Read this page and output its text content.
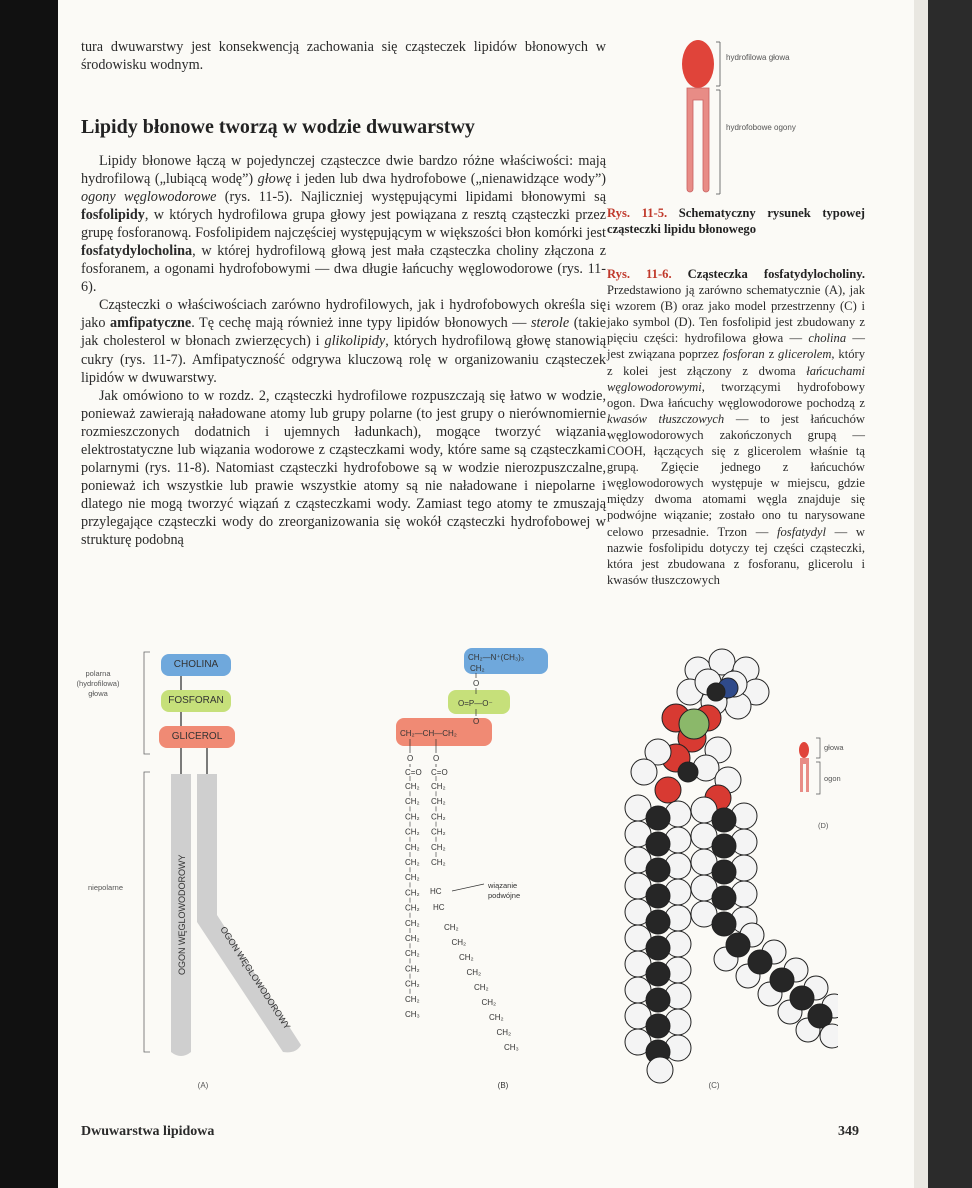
tura dwuwarstwy jest konsekwencją zachowania się cząsteczek lipidów błonowych w środowisku wodnym.

Lipidy błonowe tworzą w wodzie dwuwarstwy

Lipidy błonowe łączą w pojedynczej cząsteczce dwie bardzo różne właściwości: mają hydrofilową („lubiącą wodę”) głowę i jeden lub dwa hydrofobowe („nienawidzące wody”) ogony węglowodorowe (rys. 11-5). Najliczniej występującymi lipidami błonowymi są fosfolipidy, w których hydrofilowa grupa głowy jest powiązana z resztą cząsteczki przez grupę fosforanową. Fosfolipidem najczęściej występującym w większości błon komórki jest fosfatydylocholina, w której hydrofilową głową jest mała cząsteczka choliny złączona z fosforanem, a ogonami hydrofobowymi — dwa długie łańcuchy węglowodorowe (rys. 11-6).

Cząsteczki o właściwościach zarówno hydrofilowych, jak i hydrofobowych określa się jako amfipatyczne. Tę cechę mają również inne typy lipidów błonowych — sterole (takie jak cholesterol w błonach zwierzęcych) i glikolipidy, których hydrofilową głowę stanowią cukry (rys. 11-7). Amfipatyczność odgrywa kluczową rolę w organizowaniu cząsteczek lipidów w dwuwarstwy.

Jak omówiono to w rozdz. 2, cząsteczki hydrofilowe rozpuszczają się łatwo w wodzie, ponieważ zawierają naładowane atomy lub grupy polarne (to jest grupy o nierównomiernie rozmieszczonych dodatnich i ujemnych ładunkach), mogące tworzyć wiązania elektrostatyczne lub wiązania wodorowe z cząsteczkami wody, które same są cząsteczkami polarnymi (rys. 11-8). Natomiast cząsteczki hydrofobowe są w wodzie nierozpuszczalne, ponieważ ich wszystkie lub prawie wszystkie atomy są nie naładowane i niepolarne i dlatego nie mogą tworzyć wiązań z cząsteczkami wody. Zamiast tego atomy te zmuszają przylegające cząsteczki wody do zreorganizowania się wokół cząsteczki hydrofobowej w strukturę podobną

hydrofilowa głowa
hydrofobowe ogony
Rys. 11-5. Schematyczny rysunek typowej cząsteczki lipidu błonowego
Rys. 11-6. Cząsteczka fosfatydylocholiny. Przedstawiono ją zarówno schematycznie (A), jak i wzorem (B) oraz jako model przestrzenny (C) i jako symbol (D). Ten fosfolipid jest zbudowany z pięciu części: hydrofilowa głowa — cholina — jest związana poprzez fosforan z glicerolem, który z kolei jest złączony z dwoma łańcuchami węglowodorowymi, tworzącymi hydrofobowy ogon. Dwa łańcuchy węglowodorowe pochodzą z kwasów tłuszczowych — to jest łańcuchów węglowodorowych zakończonych grupą —COOH, łączących się z glicerolem właśnie tą grupą. Zgięcie jednego z łańcuchów węglowodorowych występuje w miejscu, gdzie między dwoma atomami węgla znajduje się podwójne wiązanie; zostało ono tu narysowane celowo przesadnie. Trzon — fosfatydyl — w nazwie fosfolipidu dotyczy tej części cząsteczki, która jest zbudowana z fosforanu, glicerolu i kwasów tłuszczowych
OGON WĘGLOWODOROWY
OGON WĘGLOWODOROWY
polarna
(hydrofilowa)
głowa
niepolarne
(A)
CHOLINA
FOSFORAN
GLICEROL
CH₂—N⁺(CH₃)₃
CH₂
O
O=P—O⁻
O
CH₂—CH—CH₂
O O
C=O C=O
CH₂
CH₂
CH₂
CH₂
CH₂
CH₂
CH₂
CH₂
CH₂
CH₂
CH₂
CH₂
CH₂
CH₂
CH₂
CH₃
CH₂
CH₂
CH₂
CH₂
CH₂
CH₂
HC
HC
CH₂
CH₂
CH₂
CH₂
CH₂
CH₂
CH₂
CH₂
CH₃
wiązanie
podwójne
(B)	(C)
głowa
ogon
(D)
Dwuwarstwa lipidowa	349
